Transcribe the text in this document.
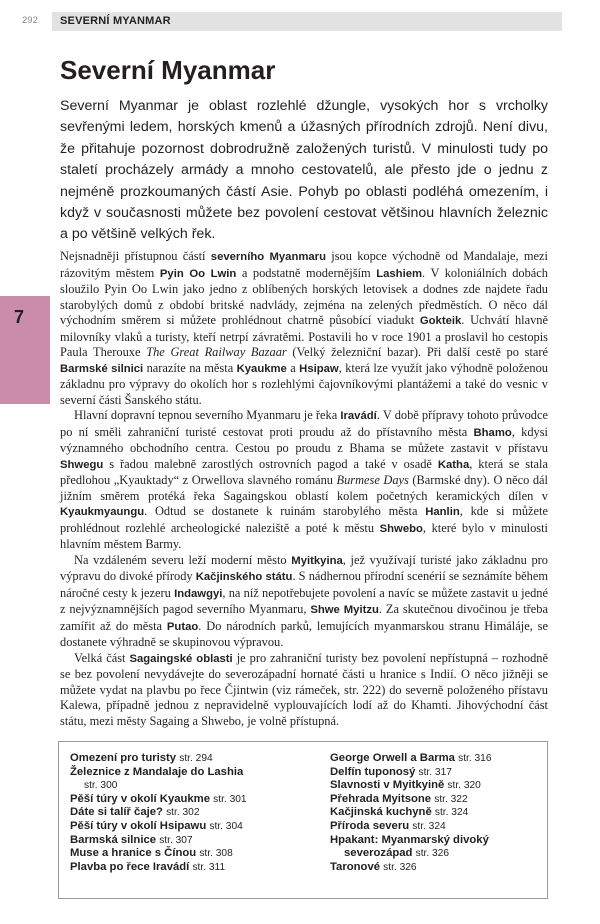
292 SEVERNÍ MYANMAR
7
Severní Myanmar

Severní Myanmar je oblast rozlehlé džungle, vysokých hor s vrcholky sevřenými ledem, horských kmenů a úžasných přírodních zdrojů. Není divu, že přitahuje pozornost dobrodružně založených turistů. V minulosti tudy po staletí procházely armády a mnoho cestovatelů, ale přesto jde o jednu z nejméně prozkoumaných částí Asie. Pohyb po oblasti podléhá omezením, i když v současnosti můžete bez povolení cestovat většinou hlavních železnic a po většině velkých řek.

Nejsnadněji přístupnou částí severního Myanmaru jsou kopce východně od Mandalaje, mezi rázovitým městem Pyin Oo Lwin a podstatně modernějším Lashiem. V koloniálních dobách sloužilo Pyin Oo Lwin jako jedno z oblíbených horských letovisek a dodnes zde najdete řadu starobylých domů z období britské nadvlády, zejména na zelených předměstích. O něco dál východním směrem si můžete prohlédnout chatrně působící viadukt Gokteik. Uchvátí hlavně milovníky vlaků a turisty, kteří netrpí závratěmi. Postavili ho v roce 1901 a proslavil ho cestopis Paula Therouxe The Great Railway Bazaar (Velký železniční bazar). Při další cestě po staré Barmské silnici narazíte na města Kyaukme a Hsipaw, která lze využít jako výhodně položenou základnu pro výpravy do okolích hor s rozlehlými čajovníkovými plantážemi a také do vesnic v severní části Šanského státu.

Hlavní dopravní tepnou severního Myanmaru je řeka Iravádí. V době přípravy tohoto průvodce po ní směli zahraniční turisté cestovat proti proudu až do přístavního města Bhamo, kdysi významného obchodního centra. Cestou po proudu z Bhama se můžete zastavit v přístavu Shwegu s řadou malebně zarostlých ostrovních pagod a také v osadě Katha, která se stala předlohou „Kyauktady“ z Orwellova slavného románu Burmese Days (Barmské dny). O něco dál jižním směrem protéká řeka Sagaingskou oblastí kolem početných keramických dílen v Kyaukmyaungu. Odtud se dostanete k ruinám starobylého města Hanlin, kde si můžete prohlédnout rozlehlé archeologické naleziště a poté k městu Shwebo, které bylo v minulosti hlavním městem Barmy.

Na vzdáleném severu leží moderní město Myitkyina, jež využívají turisté jako základnu pro výpravu do divoké přírody Kačjinského státu. S nádhernou přírodní scenérií se seznámíte během náročné cesty k jezeru Indawgyi, na níž nepotřebujete povolení a navíc se můžete zastavit u jedné z nejvýznamnějších pagod severního Myanmaru, Shwe Myitzu. Za skutečnou divočinou je třeba zamířit až do města Putao. Do národních parků, lemujících myanmarskou stranu Himáláje, se dostanete výhradně se skupinovou výpravou.

Velká část Sagaingské oblasti je pro zahraniční turisty bez povolení nepřístupná – rozhodně se bez povolení nevydávejte do severozápadní hornaté části u hranice s Indií. O něco jižněji se můžete vydat na plavbu po řece Čjintwin (viz rámeček, str. 222) do severně položeného přístavu Kalewa, případně jednou z nepravidelně vyplouvajících lodí až do Khamti. Jihovýchodní část státu, mezi městy Sagaing a Shwebo, je volně přístupná.

Omezení pro turisty str. 294
Železnice z Mandalaje do Lashia
str. 300
Pěší túry v okolí Kyaukme str. 301
Dáte si talíř čaje? str. 302
Pěší túry v okolí Hsipawu str. 304
Barmská silnice str. 307
Muse a hranice s Čínou str. 308
Plavba po řece Iravádí str. 311
George Orwell a Barma str. 316
Delfín tuponosý str. 317
Slavnosti v Myitkyině str. 320
Přehrada Myitsone str. 322
Kačjinská kuchyně str. 324
Příroda severu str. 324
Hpakant: Myanmarský divoký severozápad str. 326
Taronové str. 326
